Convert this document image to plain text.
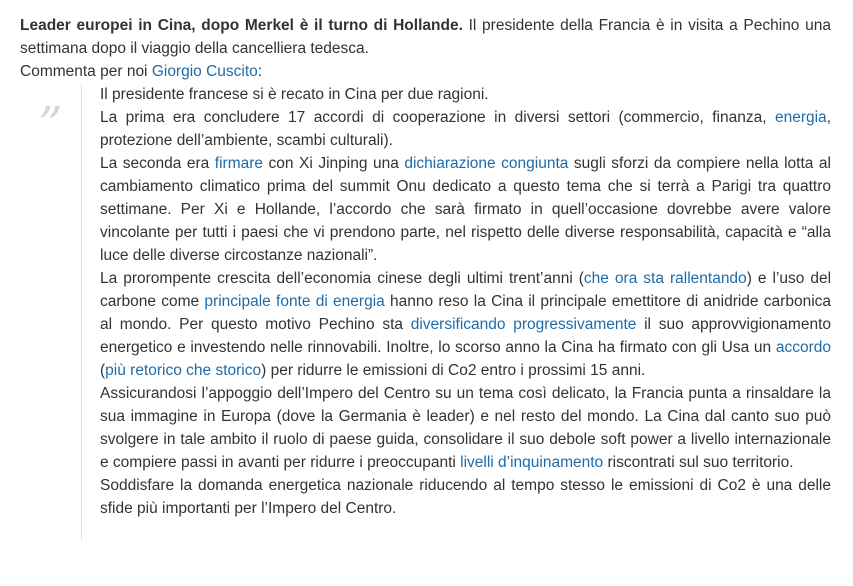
Leader europei in Cina, dopo Merkel è il turno di Hollande. Il presidente della Francia è in visita a Pechino una settimana dopo il viaggio della cancelliera tedesca.

Commenta per noi Giorgio Cuscito:

”

Il presidente francese si è recato in Cina per due ragioni.

La prima era concludere 17 accordi di cooperazione in diversi settori (commercio, finanza, energia, protezione dell’ambiente, scambi culturali).

La seconda era firmare con Xi Jinping una dichiarazione congiunta sugli sforzi da compiere nella lotta al cambiamento climatico prima del summit Onu dedicato a questo tema che si terrà a Parigi tra quattro settimane. Per Xi e Hollande, l’accordo che sarà firmato in quell’occasione dovrebbe avere valore vincolante per tutti i paesi che vi prendono parte, nel rispetto delle diverse responsabilità, capacità e “alla luce delle diverse circostanze nazionali”.

La prorompente crescita dell’economia cinese degli ultimi trent’anni (che ora sta rallentando) e l’uso del carbone come principale fonte di energia hanno reso la Cina il principale emettitore di anidride carbonica al mondo. Per questo motivo Pechino sta diversificando progressivamente il suo approvvigionamento energetico e investendo nelle rinnovabili. Inoltre, lo scorso anno la Cina ha firmato con gli Usa un accordo (più retorico che storico) per ridurre le emissioni di Co2 entro i prossimi 15 anni.

Assicurandosi l’appoggio dell’Impero del Centro su un tema così delicato, la Francia punta a rinsaldare la sua immagine in Europa (dove la Germania è leader) e nel resto del mondo. La Cina dal canto suo può svolgere in tale ambito il ruolo di paese guida, consolidare il suo debole soft power a livello internazionale e compiere passi in avanti per ridurre i preoccupanti livelli d’inquinamento riscontrati sul suo territorio.

Soddisfare la domanda energetica nazionale riducendo al tempo stesso le emissioni di Co2 è una delle sfide più importanti per l’Impero del Centro.
